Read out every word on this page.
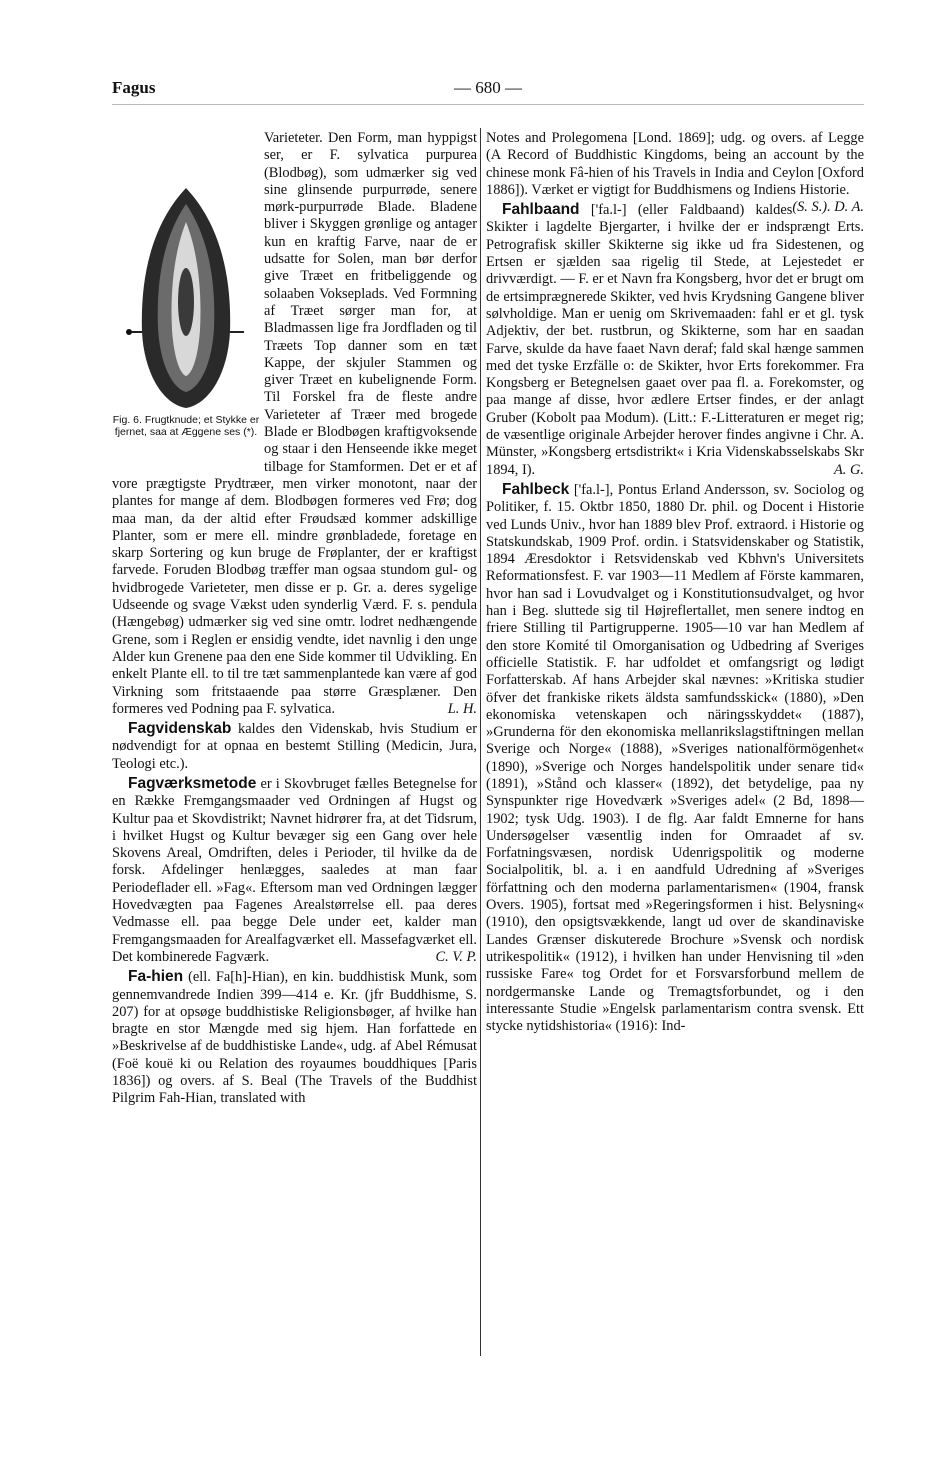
Fagus	— 680 —
Fig. 6. Frugtknude; et Stykke er fjernet, saa at Æggene ses (*).

Varieteter. Den Form, man hyppigst ser, er F. sylvatica purpurea (Blodbøg), som udmærker sig ved sine glinsende purpurrøde, senere mørk-purpurrøde Blade. Bladene bliver i Skyggen grønlige og antager kun en kraftig Farve, naar de er udsatte for Solen, man bør derfor give Træet en fritbeliggende og solaaben Vokseplads. Ved Formning af Træet sørger man for, at Bladmassen lige fra Jordfladen og til Træets Top danner som en tæt Kappe, der skjuler Stammen og giver Træet en kubelignende Form. Til Forskel fra de fleste andre Varieteter af Træer med brogede Blade er Blodbøgen kraftigvoksende og staar i den Henseende ikke meget tilbage for Stamformen. Det er et af vore prægtigste Prydtræer, men virker monotont, naar der plantes for mange af dem. Blodbøgen formeres ved Frø; dog maa man, da der altid efter Frøudsæd kommer adskillige Planter, som er mere ell. mindre grønbladede, foretage en skarp Sortering og kun bruge de Frøplanter, der er kraftigst farvede. Foruden Blodbøg træffer man ogsaa stundom gul- og hvidbrogede Varieteter, men disse er p. Gr. a. deres sygelige Udseende og svage Vækst uden synderlig Værd. F. s. pendula (Hængebøg) udmærker sig ved sine omtr. lodret nedhængende Grene, som i Reglen er ensidig vendte, idet navnlig i den unge Alder kun Grenene paa den ene Side kommer til Udvikling. En enkelt Plante ell. to til tre tæt sammenplantede kan være af god Virkning som fritstaaende paa større Græsplæner. Den formeres ved Podning paa F. sylvatica.	L. H.

Fagvidenskab kaldes den Videnskab, hvis Studium er nødvendigt for at opnaa en bestemt Stilling (Medicin, Jura, Teologi etc.).

Fagværksmetode er i Skovbruget fælles Betegnelse for en Række Fremgangsmaader ved Ordningen af Hugst og Kultur paa et Skovdistrikt; Navnet hidrører fra, at det Tidsrum, i hvilket Hugst og Kultur bevæger sig een Gang over hele Skovens Areal, Omdriften, deles i Perioder, til hvilke da de forsk. Afdelinger henlægges, saaledes at man faar Periodeflader ell. »Fag«. Eftersom man ved Ordningen lægger Hovedvægten paa Fagenes Arealstørrelse ell. paa deres Vedmasse ell. paa begge Dele under eet, kalder man Fremgangsmaaden for Arealfagværket ell. Massefagværket ell. Det kombinerede Fagværk.	C. V. P.

Fa-hien (ell. Fa[h]-Hian), en kin. buddhistisk Munk, som gennemvandrede Indien 399—414 e. Kr. (jfr Buddhisme, S. 207) for at opsøge buddhistiske Religionsbøger, af hvilke han bragte en stor Mængde med sig hjem. Han forfattede en »Beskrivelse af de buddhistiske Lande«, udg. af Abel Rémusat (Foë kouë ki ou Relation des royaumes bouddhiques [Paris 1836]) og overs. af S. Beal (The Travels of the Buddhist Pilgrim Fah-Hian, translated with

Notes and Prolegomena [Lond. 1869]; udg. og overs. af Legge (A Record of Buddhistic Kingdoms, being an account by the chinese monk Fâ-hien of his Travels in India and Ceylon [Oxford 1886]). Værket er vigtigt for Buddhismens og Indiens Historie.
(S. S.). D. A.

Fahlbaand ['fa.l-] (eller Faldbaand) kaldes Skikter i lagdelte Bjergarter, i hvilke der er indsprængt Erts. Petrografisk skiller Skikterne sig ikke ud fra Sidestenen, og Ertsen er sjælden saa rigelig til Stede, at Lejestedet er drivværdigt. — F. er et Navn fra Kongsberg, hvor det er brugt om de ertsimprægnerede Skikter, ved hvis Krydsning Gangene bliver sølvholdige. Man er uenig om Skrivemaaden: fahl er et gl. tysk Adjektiv, der bet. rustbrun, og Skikterne, som har en saadan Farve, skulde da have faaet Navn deraf; fald skal hænge sammen med det tyske Erzfälle o: de Skikter, hvor Erts forekommer. Fra Kongsberg er Betegnelsen gaaet over paa fl. a. Forekomster, og paa mange af disse, hvor ædlere Ertser findes, er der anlagt Gruber (Kobolt paa Modum). (Litt.: F.-Litteraturen er meget rig; de væsentlige originale Arbejder herover findes angivne i Chr. A. Münster, »Kongsberg ertsdistrikt« i Kria Videnskabsselskabs Skr 1894, I).	A. G.

Fahlbeck ['fa.l-], Pontus Erland Andersson, sv. Sociolog og Politiker, f. 15. Oktbr 1850, 1880 Dr. phil. og Docent i Historie ved Lunds Univ., hvor han 1889 blev Prof. extraord. i Historie og Statskundskab, 1909 Prof. ordin. i Statsvidenskaber og Statistik, 1894 Æresdoktor i Retsvidenskab ved Kbhvn's Universitets Reformationsfest. F. var 1903—11 Medlem af Förste kammaren, hvor han sad i Lovudvalget og i Konstitutionsudvalget, og hvor han i Beg. sluttede sig til Højreflertallet, men senere indtog en friere Stilling til Partigrupperne. 1905—10 var han Medlem af den store Komité til Omorganisation og Udbedring af Sveriges officielle Statistik. F. har udfoldet et omfangsrigt og lødigt Forfatterskab. Af hans Arbejder skal nævnes: »Kritiska studier öfver det frankiske rikets äldsta samfundsskick« (1880), »Den ekonomiska vetenskapen och näringsskyddet« (1887), »Grunderna för den ekonomiska mellanrikslagstiftningen mellan Sverige och Norge« (1888), »Sveriges nationalförmögenhet« (1890), »Sverige och Norges handelspolitik under senare tid« (1891), »Stånd och klasser« (1892), det betydelige, paa ny Synspunkter rige Hovedværk »Sveriges adel« (2 Bd, 1898—1902; tysk Udg. 1903). I de flg. Aar faldt Emnerne for hans Undersøgelser væsentlig inden for Omraadet af sv. Forfatningsvæsen, nordisk Udenrigspolitik og moderne Socialpolitik, bl. a. i en aandfuld Udredning af »Sveriges författning och den moderna parlamentarismen« (1904, fransk Overs. 1905), fortsat med »Regeringsformen i hist. Belysning« (1910), den opsigtsvækkende, langt ud over de skandinaviske Landes Grænser diskuterede Brochure »Svensk och nordisk utrikespolitik« (1912), i hvilken han under Henvisning til »den russiske Fare« tog Ordet for et Forsvarsforbund mellem de nordgermanske Lande og Tremagtsforbundet, og i den interessante Studie »Engelsk parlamentarism contra svensk. Ett stycke nytidshistoria« (1916): Ind-
